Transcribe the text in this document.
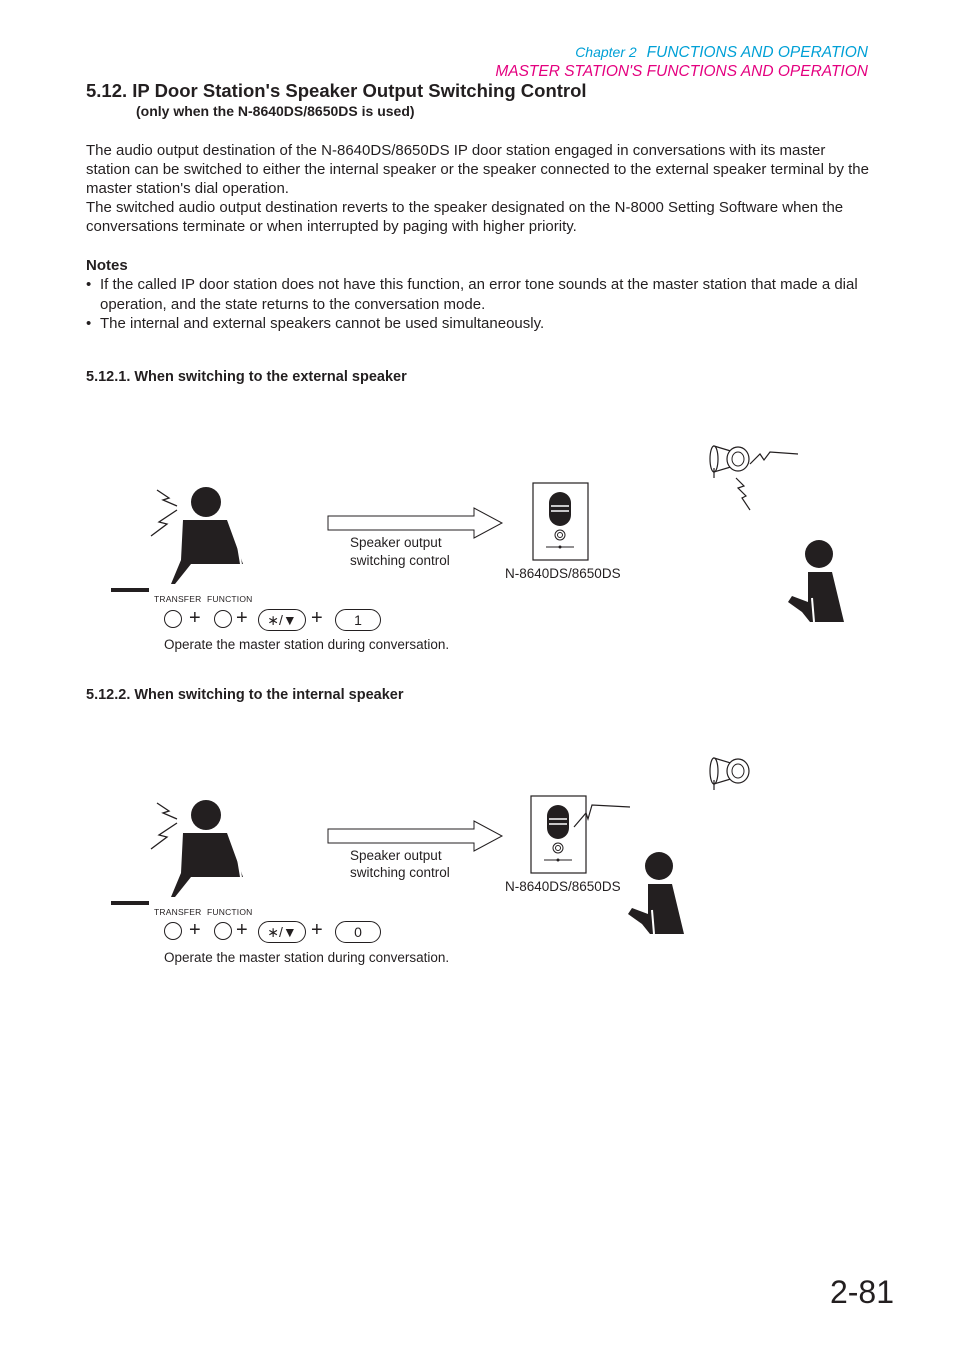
Chapter 2 FUNCTIONS AND OPERATION
MASTER STATION'S FUNCTIONS AND OPERATION
5.12. IP Door Station's Speaker Output Switching Control
(only when the N-8640DS/8650DS is used)

The audio output destination of the N-8640DS/8650DS IP door station engaged in conversations with its master station can be switched to either the internal speaker or the speaker connected to the external speaker terminal by the master station's dial operation.

The switched audio output destination reverts to the speaker designated on the N-8000 Setting Software when the conversations terminate or when interrupted by paging with higher priority.

Notes
• If the called IP door station does not have this function, an error tone sounds at the master station that made a dial operation, and the state returns to the conversation mode.
• The internal and external speakers cannot be used simultaneously.
5.12.1. When switching to the external speaker
TRANSFER FUNCTION
+ +	∗/▼ +	1
Operate the master station during conversation.
Speaker output
switching control
N-8640DS/8650DS
5.12.2. When switching to the internal speaker
TRANSFER FUNCTION
+ +	∗/▼ +	0
Operate the master station during conversation.
Speaker output
switching control
N-8640DS/8650DS
2-81
